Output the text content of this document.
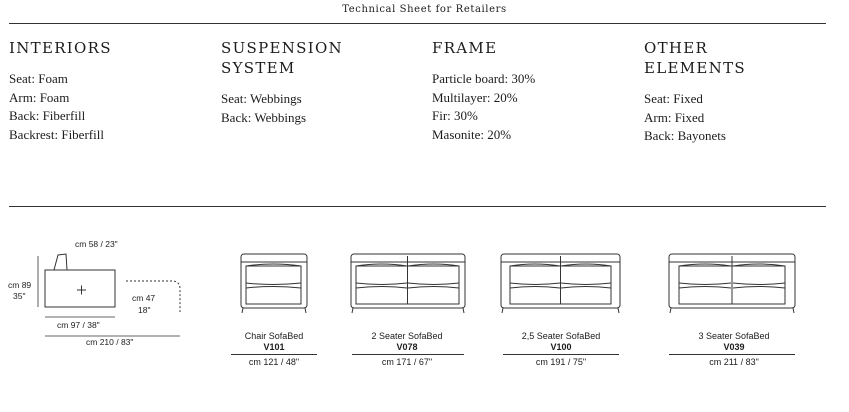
Technical Sheet for Retailers
INTERIORS
Seat: Foam
Arm: Foam
Back: Fiberfill
Backrest: Fiberfill
SUSPENSION
SYSTEM
Seat: Webbings
Back: Webbings
FRAME
Particle board: 30%
Multilayer: 20%
Fir: 30%
Masonite: 20%
OTHER
ELEMENTS
Seat: Fixed
Arm: Fixed
Back: Bayonets
cm 58 / 23"
cm 89
35"	cm 47
18"
cm 97 / 38"
cm 210 / 83"
Chair SofaBed
V101
cm 121 / 48"
2 Seater SofaBed
V078
cm 171 / 67"
2,5 Seater SofaBed
V100
cm 191 / 75"
3 Seater SofaBed
V039
cm 211 / 83"
